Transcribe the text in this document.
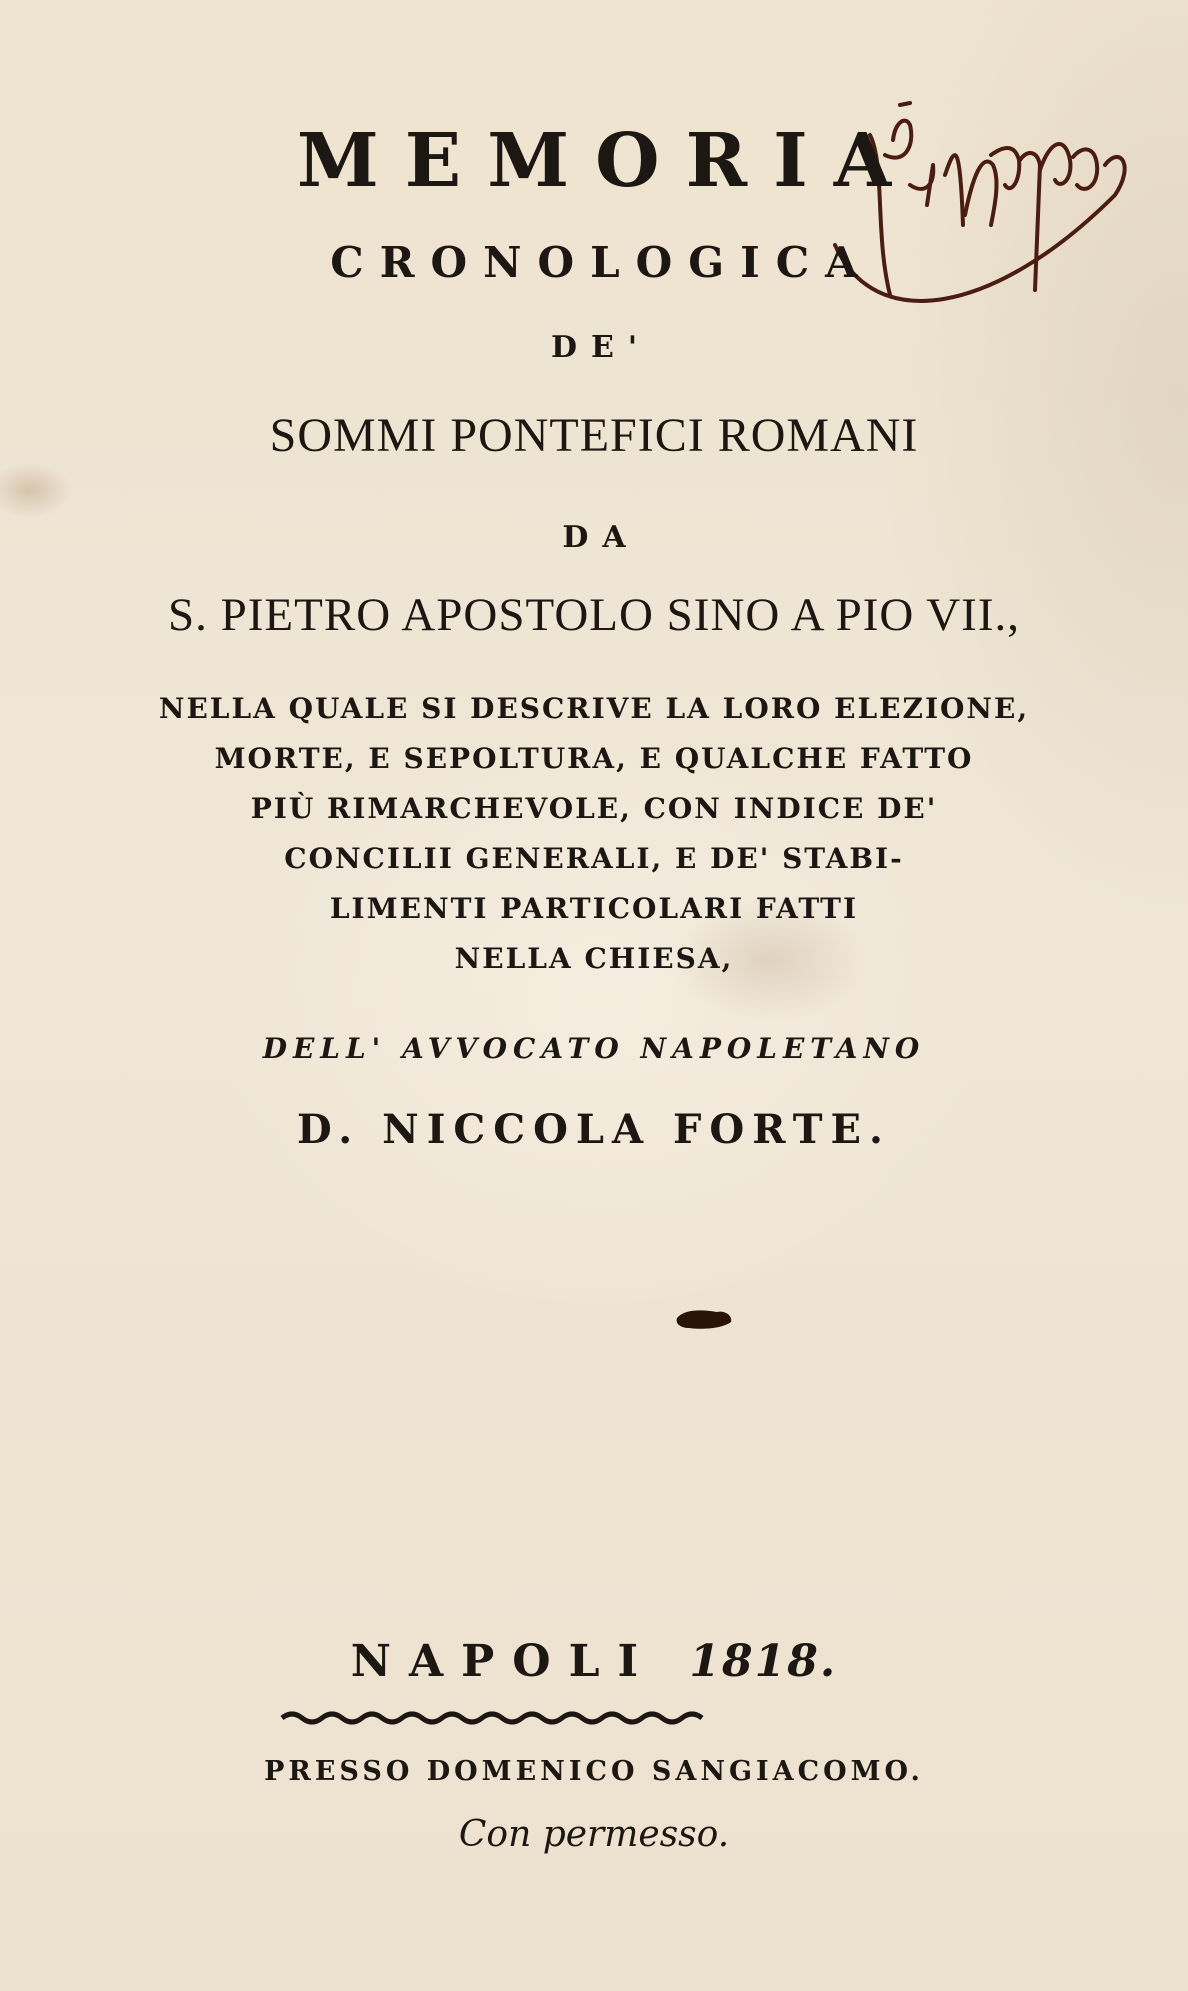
MEMORIA
CRONOLOGICA
DE'
SOMMI PONTEFICI ROMANI
DA
S. PIETRO APOSTOLO SINO A PIO VII.,
NELLA QUALE SI DESCRIVE LA LORO ELEZIONE,
MORTE, E SEPOLTURA, E QUALCHE FATTO
PIÙ RIMARCHEVOLE, CON INDICE DE'
CONCILII GENERALI, E DE' STABI-
LIMENTI PARTICOLARI FATTI
NELLA CHIESA,
DELL' AVVOCATO NAPOLETANO
D. NICCOLA FORTE.
NAPOLI 1818.
PRESSO DOMENICO SANGIACOMO.
Con permesso.
